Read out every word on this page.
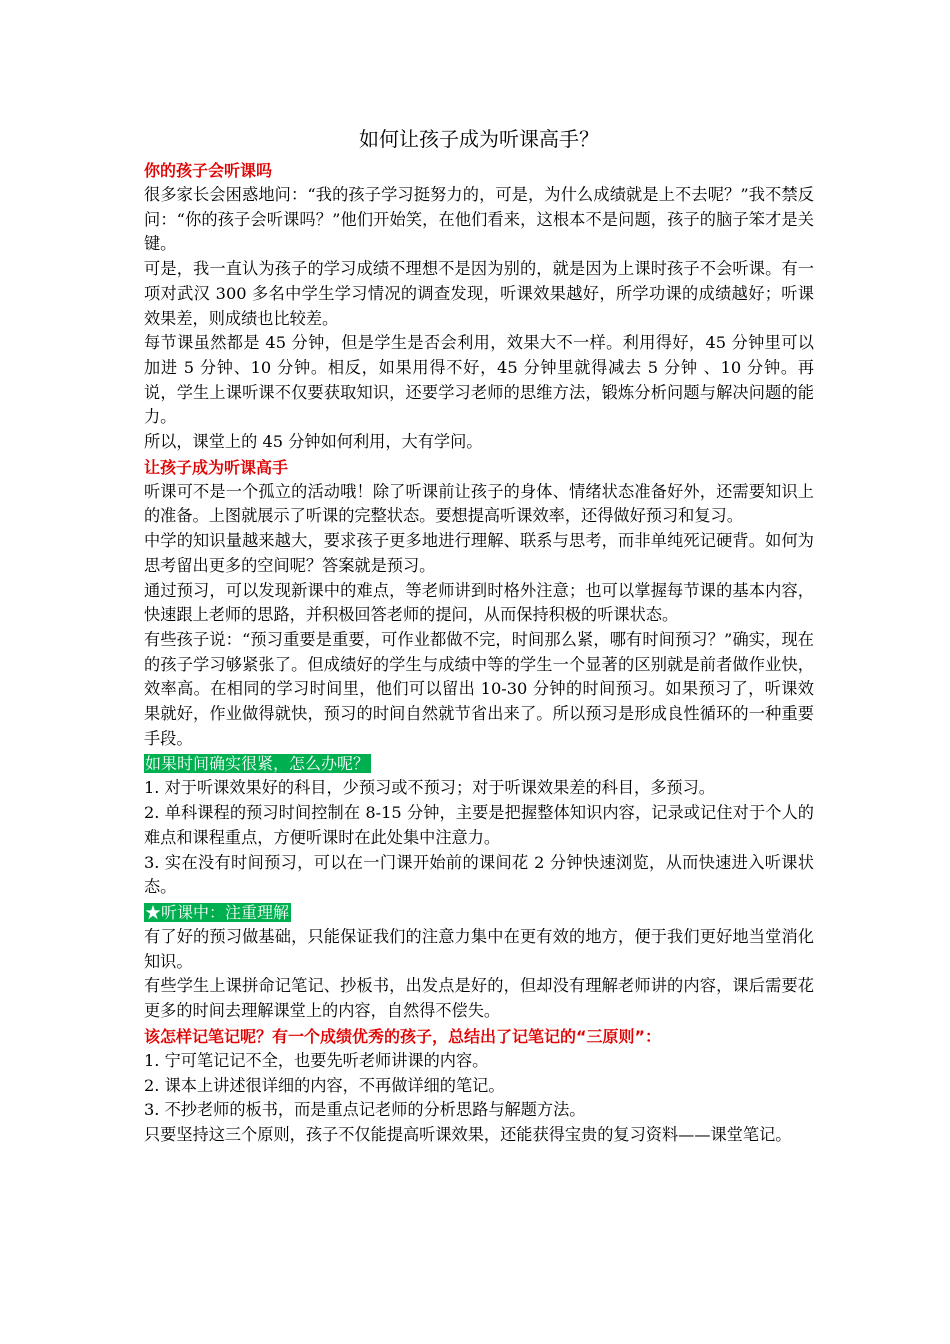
如何让孩子成为听课高手？

你的孩子会听课吗

很多家长会困惑地问：“我的孩子学习挺努力的，可是，为什么成绩就是上不去呢？”我不禁反问：“你的孩子会听课吗？”他们开始笑，在他们看来，这根本不是问题，孩子的脑子笨才是关键。

可是，我一直认为孩子的学习成绩不理想不是因为别的，就是因为上课时孩子不会听课。有一项对武汉 300 多名中学生学习情况的调查发现，听课效果越好，所学功课的成绩越好；听课效果差，则成绩也比较差。

每节课虽然都是 45 分钟，但是学生是否会利用，效果大不一样。利用得好，45 分钟里可以加进 5 分钟、10 分钟。相反，如果用得不好，45 分钟里就得减去 5 分钟 、10 分钟。再说，学生上课听课不仅要获取知识，还要学习老师的思维方法，锻炼分析问题与解决问题的能力。

所以，课堂上的 45 分钟如何利用，大有学问。

让孩子成为听课高手

听课可不是一个孤立的活动哦！除了听课前让孩子的身体、情绪状态准备好外，还需要知识上的准备。上图就展示了听课的完整状态。要想提高听课效率，还得做好预习和复习。

中学的知识量越来越大，要求孩子更多地进行理解、联系与思考，而非单纯死记硬背。如何为思考留出更多的空间呢？答案就是预习。

通过预习，可以发现新课中的难点，等老师讲到时格外注意；也可以掌握每节课的基本内容，快速跟上老师的思路，并积极回答老师的提问，从而保持积极的听课状态。

有些孩子说：“预习重要是重要，可作业都做不完，时间那么紧，哪有时间预习？”确实，现在的孩子学习够紧张了。但成绩好的学生与成绩中等的学生一个显著的区别就是前者做作业快，效率高。在相同的学习时间里，他们可以留出 10-30 分钟的时间预习。如果预习了，听课效果就好，作业做得就快，预习的时间自然就节省出来了。所以预习是形成良性循环的一种重要手段。

如果时间确实很紧，怎么办呢？

1. 对于听课效果好的科目，少预习或不预习；对于听课效果差的科目，多预习。

2. 单科课程的预习时间控制在 8-15 分钟，主要是把握整体知识内容，记录或记住对于个人的难点和课程重点，方便听课时在此处集中注意力。

3. 实在没有时间预习，可以在一门课开始前的课间花 2 分钟快速浏览，从而快速进入听课状态。

★听课中：注重理解

有了好的预习做基础，只能保证我们的注意力集中在更有效的地方，便于我们更好地当堂消化知识。

有些学生上课拼命记笔记、抄板书，出发点是好的，但却没有理解老师讲的内容，课后需要花更多的时间去理解课堂上的内容，自然得不偿失。

该怎样记笔记呢？有一个成绩优秀的孩子，总结出了记笔记的“三原则”：

1. 宁可笔记记不全，也要先听老师讲课的内容。

2. 课本上讲述很详细的内容，不再做详细的笔记。

3. 不抄老师的板书，而是重点记老师的分析思路与解题方法。

只要坚持这三个原则，孩子不仅能提高听课效果，还能获得宝贵的复习资料——课堂笔记。
